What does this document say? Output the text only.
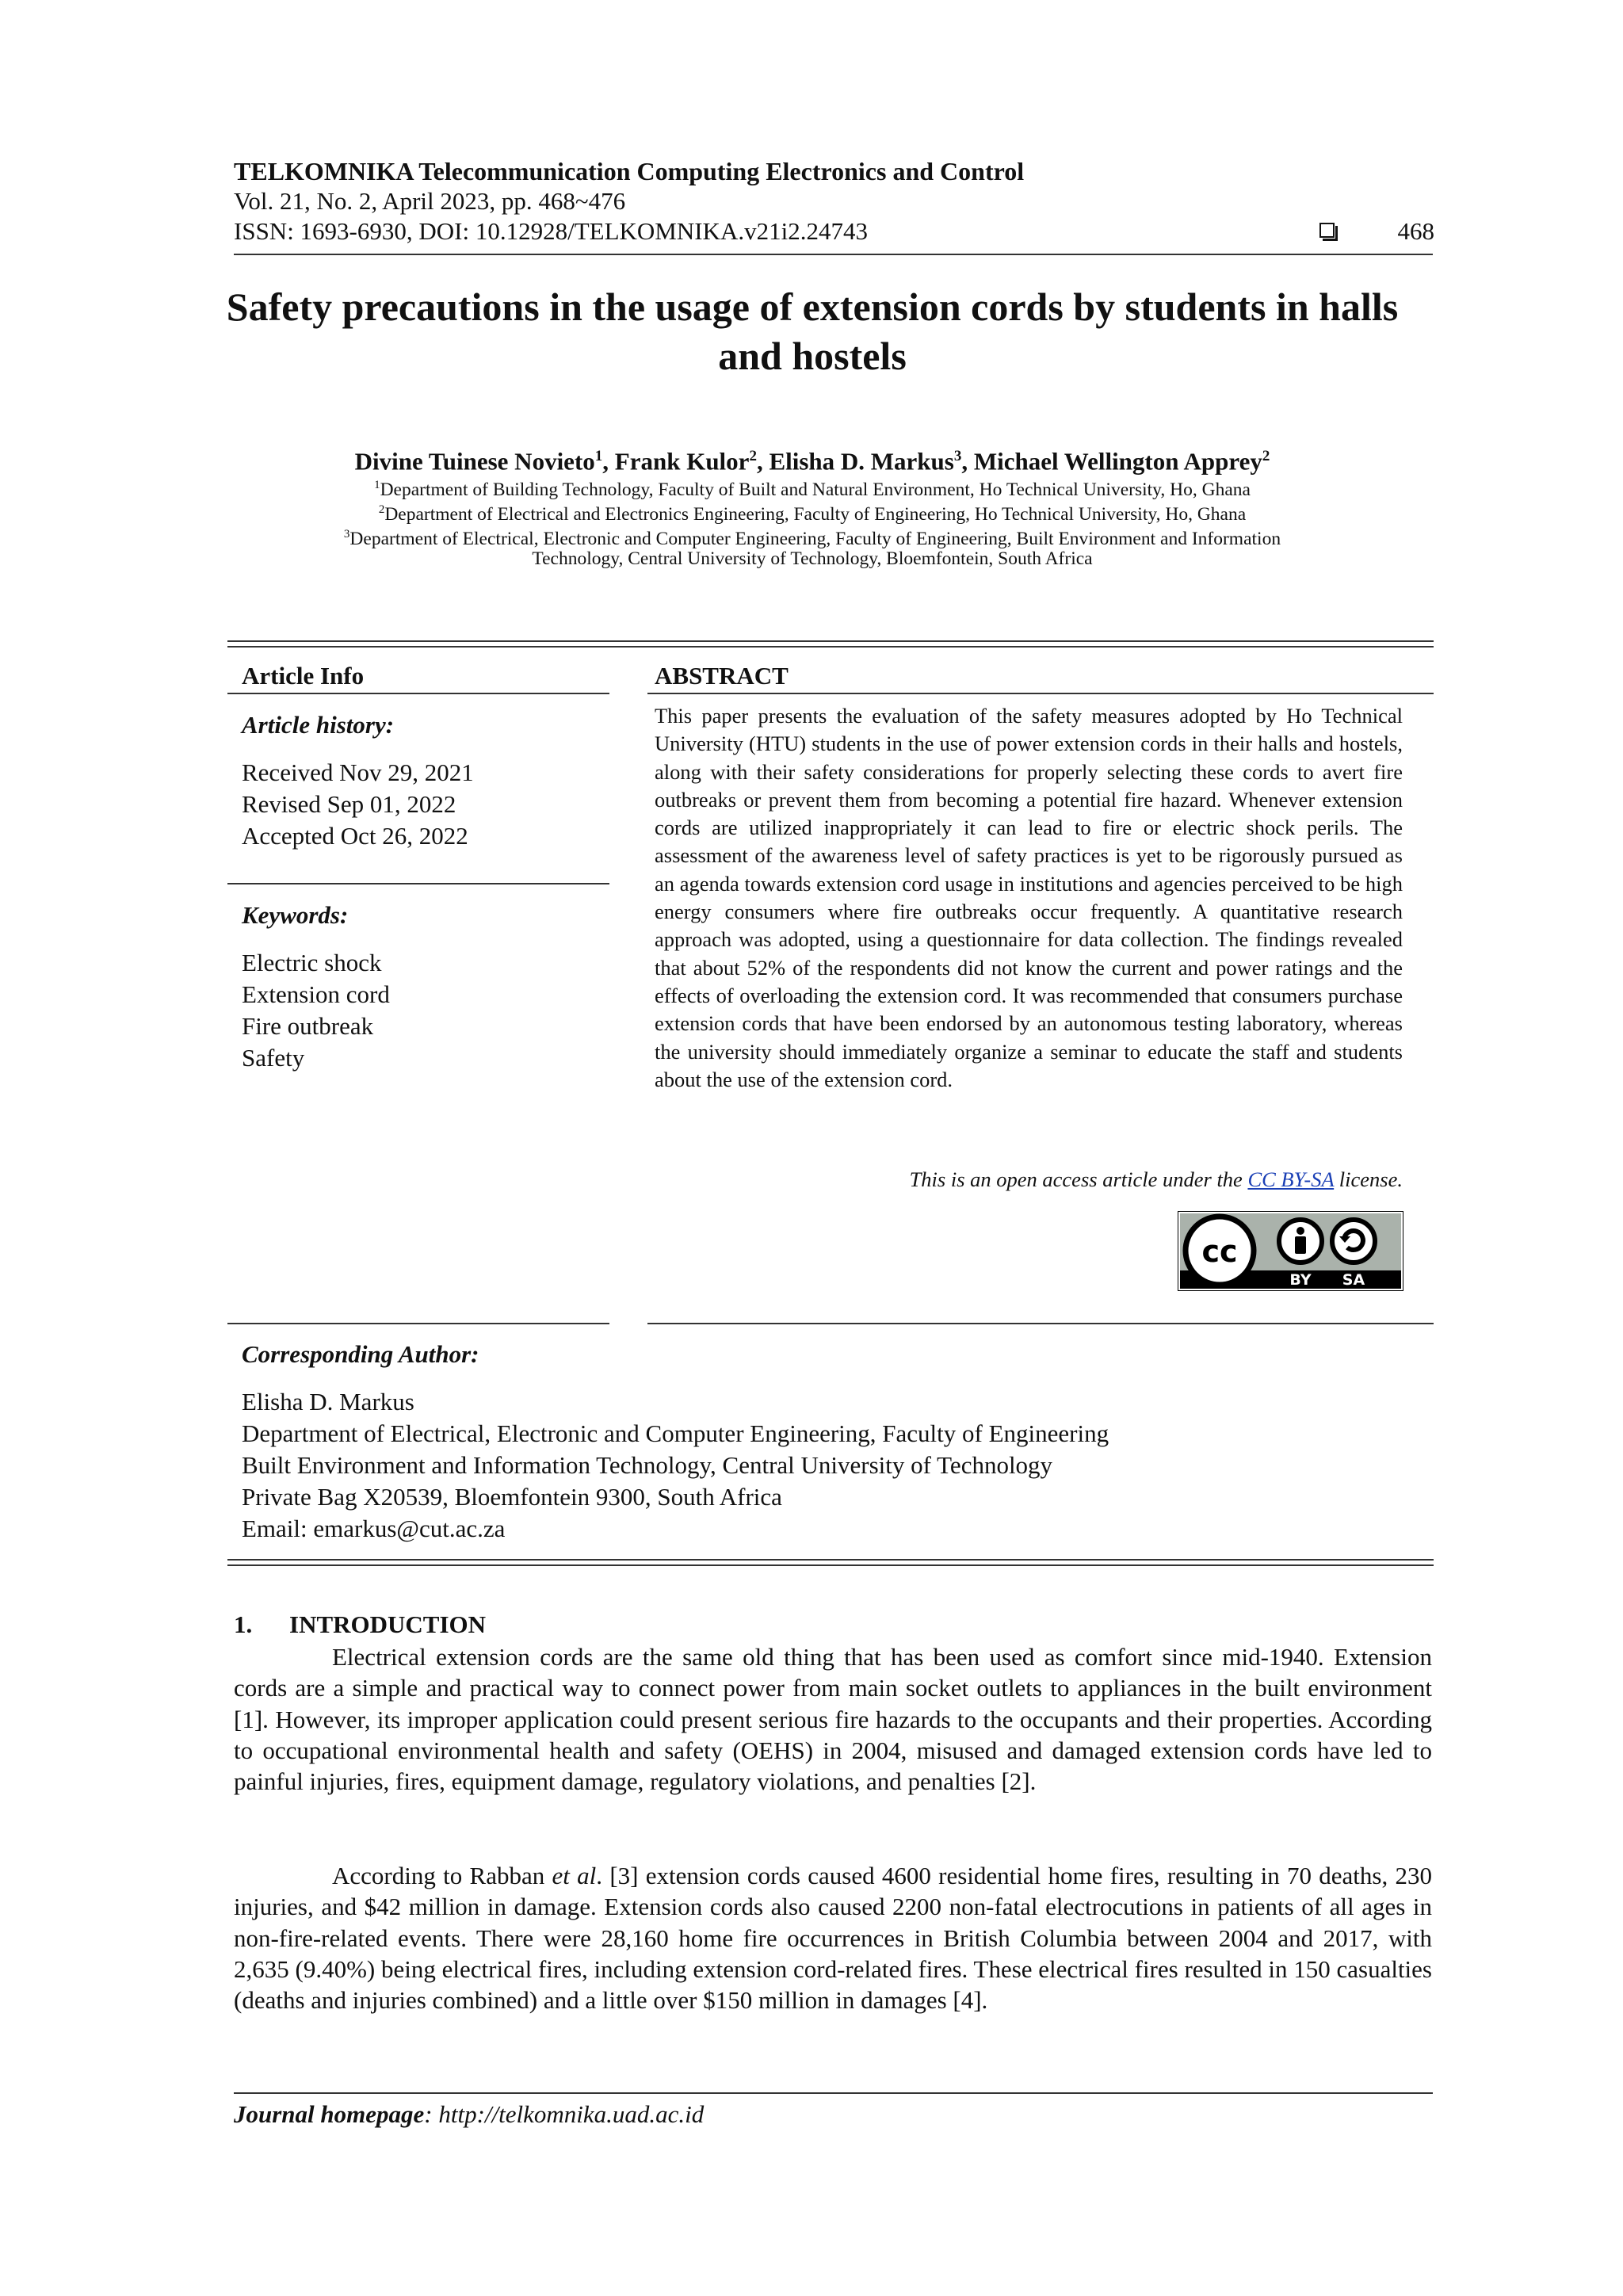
TELKOMNIKA Telecommunication Computing Electronics and Control
Vol. 21, No. 2, April 2023, pp. 468~476
ISSN: 1693-6930, DOI: 10.12928/TELKOMNIKA.v21i2.24743	468
Safety precautions in the usage of extension cords by students in halls and hostels
Divine Tuinese Novieto$^1$, Frank Kulor$^2$, Elisha D. Markus$^3$, Michael Wellington Apprey$^2$
$^1$Department of Building Technology, Faculty of Built and Natural Environment, Ho Technical University, Ho, Ghana
$^2$Department of Electrical and Electronics Engineering, Faculty of Engineering, Ho Technical University, Ho, Ghana
$^3$Department of Electrical, Electronic and Computer Engineering, Faculty of Engineering, Built Environment and Information
Technology, Central University of Technology, Bloemfontein, South Africa
Article Info
Article history:
Received Nov 29, 2021
Revised Sep 01, 2022
Accepted Oct 26, 2022
Keywords:
Electric shock
Extension cord
Fire outbreak
Safety
ABSTRACT
This paper presents the evaluation of the safety measures adopted by Ho Technical University (HTU) students in the use of power extension cords in their halls and hostels, along with their safety considerations for properly selecting these cords to avert fire outbreaks or prevent them from becoming a potential fire hazard. Whenever extension cords are utilized inappropriately it can lead to fire or electric shock perils. The assessment of the awareness level of safety practices is yet to be rigorously pursued as an agenda towards extension cord usage in institutions and agencies perceived to be high energy consumers where fire outbreaks occur frequently. A quantitative research approach was adopted, using a questionnaire for data collection. The findings revealed that about 52% of the respondents did not know the current and power ratings and the effects of overloading the extension cord. It was recommended that consumers purchase extension cords that have been endorsed by an autonomous testing laboratory, whereas the university should immediately organize a seminar to educate the staff and students about the use of the extension cord.
This is an open access article under the CC BY-SA license.
cc
BY SA
Corresponding Author:
Elisha D. Markus
Department of Electrical, Electronic and Computer Engineering, Faculty of Engineering
Built Environment and Information Technology, Central University of Technology
Private Bag X20539, Bloemfontein 9300, South Africa
Email: emarkus@cut.ac.za
1. INTRODUCTION

Electrical extension cords are the same old thing that has been used as comfort since mid-1940. Extension cords are a simple and practical way to connect power from main socket outlets to appliances in the built environment [1]. However, its improper application could present serious fire hazards to the occupants and their properties. According to occupational environmental health and safety (OEHS) in 2004, misused and damaged extension cords have led to painful injuries, fires, equipment damage, regulatory violations, and penalties [2].

According to Rabban et al. [3] extension cords caused 4600 residential home fires, resulting in 70 deaths, 230 injuries, and $42 million in damage. Extension cords also caused 2200 non-fatal electrocutions in patients of all ages in non-fire-related events. There were 28,160 home fire occurrences in British Columbia between 2004 and 2017, with 2,635 (9.40%) being electrical fires, including extension cord-related fires. These electrical fires resulted in 150 casualties (deaths and injuries combined) and a little over $150 million in damages [4].

Journal homepage: http://telkomnika.uad.ac.id
